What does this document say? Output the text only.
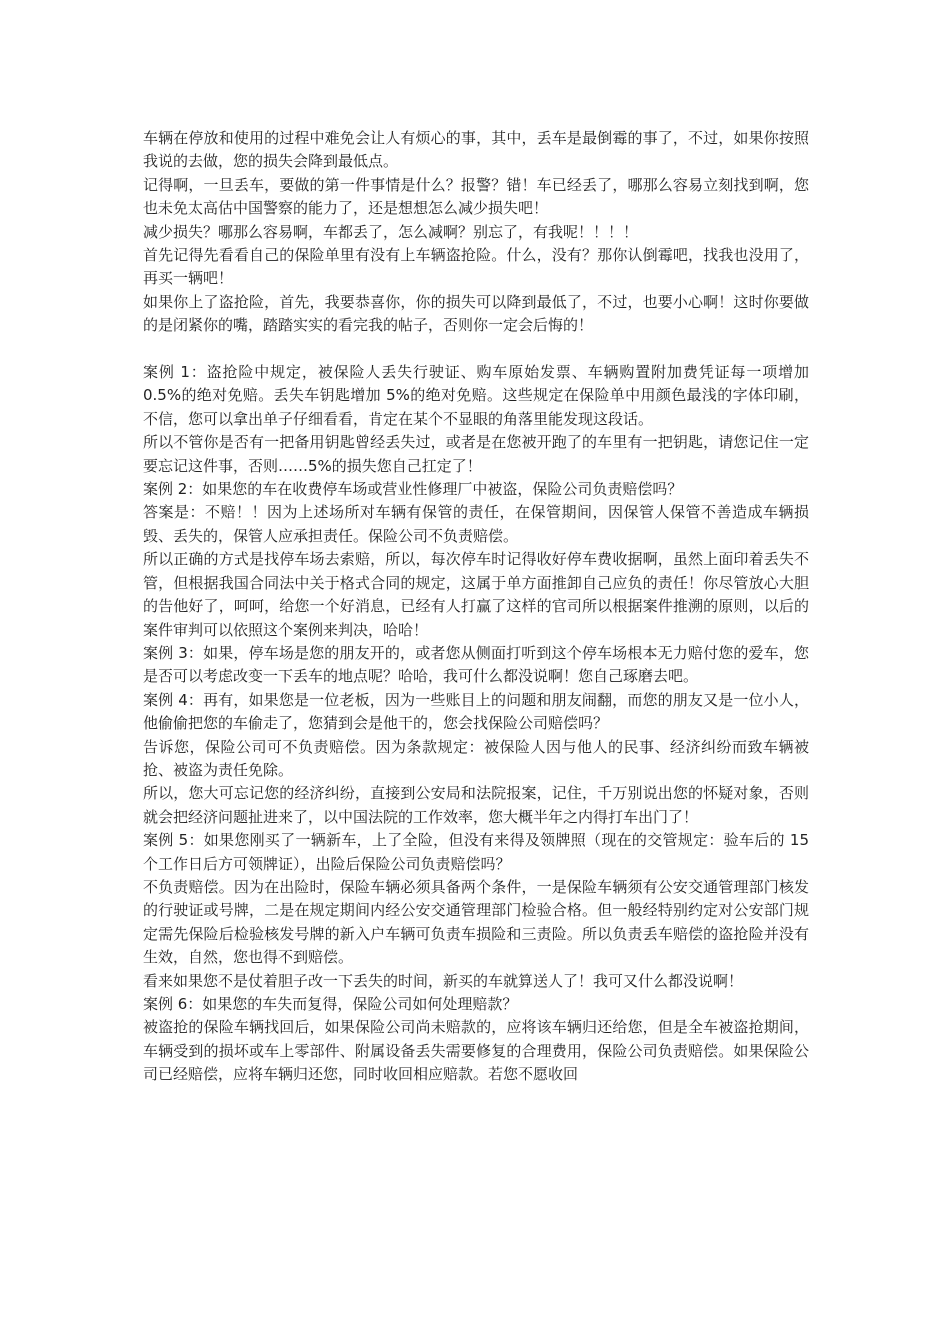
车辆在停放和使用的过程中难免会让人有烦心的事，其中，丢车是最倒霉的事了，不过，如果你按照我说的去做，您的损失会降到最低点。

记得啊，一旦丢车，要做的第一件事情是什么？报警？错！车已经丢了，哪那么容易立刻找到啊，您也未免太高估中国警察的能力了，还是想想怎么减少损失吧！

减少损失？哪那么容易啊，车都丢了，怎么减啊？别忘了，有我呢！！！！

首先记得先看看自己的保险单里有没有上车辆盗抢险。什么，没有？那你认倒霉吧，找我也没用了，再买一辆吧！

如果你上了盗抢险，首先，我要恭喜你，你的损失可以降到最低了，不过，也要小心啊！这时你要做的是闭紧你的嘴，踏踏实实的看完我的帖子，否则你一定会后悔的！

案例 1：盗抢险中规定，被保险人丢失行驶证、购车原始发票、车辆购置附加费凭证每一项增加 0.5%的绝对免赔。丢失车钥匙增加 5%的绝对免赔。这些规定在保险单中用颜色最浅的字体印刷，不信，您可以拿出单子仔细看看，肯定在某个不显眼的角落里能发现这段话。

所以不管你是否有一把备用钥匙曾经丢失过，或者是在您被开跑了的车里有一把钥匙，请您记住一定要忘记这件事，否则……5%的损失您自己扛定了！

案例 2：如果您的车在收费停车场或营业性修理厂中被盗，保险公司负责赔偿吗？

答案是：不赔！！因为上述场所对车辆有保管的责任，在保管期间，因保管人保管不善造成车辆损毁、丢失的，保管人应承担责任。保险公司不负责赔偿。

所以正确的方式是找停车场去索赔，所以，每次停车时记得收好停车费收据啊，虽然上面印着丢失不管，但根据我国合同法中关于格式合同的规定，这属于单方面推卸自己应负的责任！你尽管放心大胆的告他好了，呵呵，给您一个好消息，已经有人打赢了这样的官司所以根据案件推溯的原则，以后的案件审判可以依照这个案例来判决，哈哈！

案例 3：如果，停车场是您的朋友开的，或者您从侧面打听到这个停车场根本无力赔付您的爱车，您是否可以考虑改变一下丢车的地点呢？哈哈，我可什么都没说啊！您自己琢磨去吧。

案例 4：再有，如果您是一位老板，因为一些账目上的问题和朋友闹翻，而您的朋友又是一位小人，他偷偷把您的车偷走了，您猜到会是他干的，您会找保险公司赔偿吗？

告诉您，保险公司可不负责赔偿。因为条款规定：被保险人因与他人的民事、经济纠纷而致车辆被抢、被盗为责任免除。

所以，您大可忘记您的经济纠纷，直接到公安局和法院报案，记住，千万别说出您的怀疑对象，否则就会把经济问题扯进来了，以中国法院的工作效率，您大概半年之内得打车出门了！

案例 5：如果您刚买了一辆新车，上了全险，但没有来得及领牌照（现在的交管规定：验车后的 15 个工作日后方可领牌证），出险后保险公司负责赔偿吗？

不负责赔偿。因为在出险时，保险车辆必须具备两个条件，一是保险车辆须有公安交通管理部门核发的行驶证或号牌，二是在规定期间内经公安交通管理部门检验合格。但一般经特别约定对公安部门规定需先保险后检验核发号牌的新入户车辆可负责车损险和三责险。所以负责丢车赔偿的盗抢险并没有生效，自然，您也得不到赔偿。

看来如果您不是仗着胆子改一下丢失的时间，新买的车就算送人了！我可又什么都没说啊！

案例 6：如果您的车失而复得，保险公司如何处理赔款？

被盗抢的保险车辆找回后，如果保险公司尚未赔款的，应将该车辆归还给您，但是全车被盗抢期间，车辆受到的损坏或车上零部件、附属设备丢失需要修复的合理费用，保险公司负责赔偿。如果保险公司已经赔偿，应将车辆归还您，同时收回相应赔款。若您不愿收回
